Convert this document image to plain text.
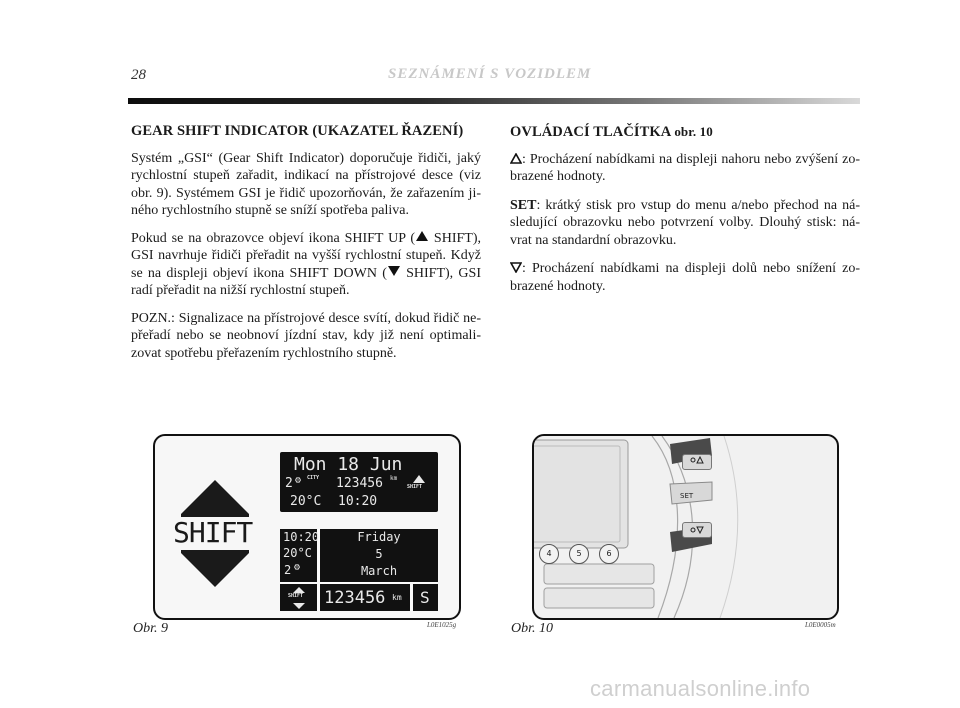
28	SEZNÁMENÍ S VOZIDLEM
GEAR SHIFT INDICATOR (UKAZATEL ŘAZENÍ)

Systém „GSI“ (Gear Shift Indicator) doporučuje řidiči, jaký rychlostní stupeň zařadit, indikací na přístrojové desce (viz obr. 9). Systémem GSI je řidič upozorňován, že zařazením ji-ného rychlostního stupně se sníží spotřeba paliva.

Pokud se na obrazovce objeví ikona SHIFT UP ( SHIFT), GSI navrhuje řidiči přeřadit na vyšší rychlostní stupeň. Když se na displeji objeví ikona SHIFT DOWN ( SHIFT), GSI radí přeřadit na nižší rychlostní stupeň.

POZN.: Signalizace na přístrojové desce svítí, dokud řidič ne-přeřadí nebo se neobnoví jízdní stav, kdy již není optimali-zovat spotřebu přeřazením rychlostního stupně.

OVLÁDACÍ TLAČÍTKA obr. 10
: Procházení nabídkami na displeji nahoru nebo zvýšení zo-brazené hodnoty.
SET: krátký stisk pro vstup do menu a/nebo přechod na ná-sledující obrazovku nebo potvrzení volby. Dlouhý stisk: ná-vrat na standardní obrazovku.
: Procházení nabídkami na displeji dolů nebo snížení zo-brazené hodnoty.
SHIFT
Mon 18 Jun
2 ⚙ CITY 123456 km
SHIFT
20°C 10:20
10:20
20°C
2 ⚙
SHIFT
Friday
5
March
123456 km S
Obr. 9	L0E1025g
SET
4	5	6
Obr. 10	L0E0005m
carmanualsonline.info
